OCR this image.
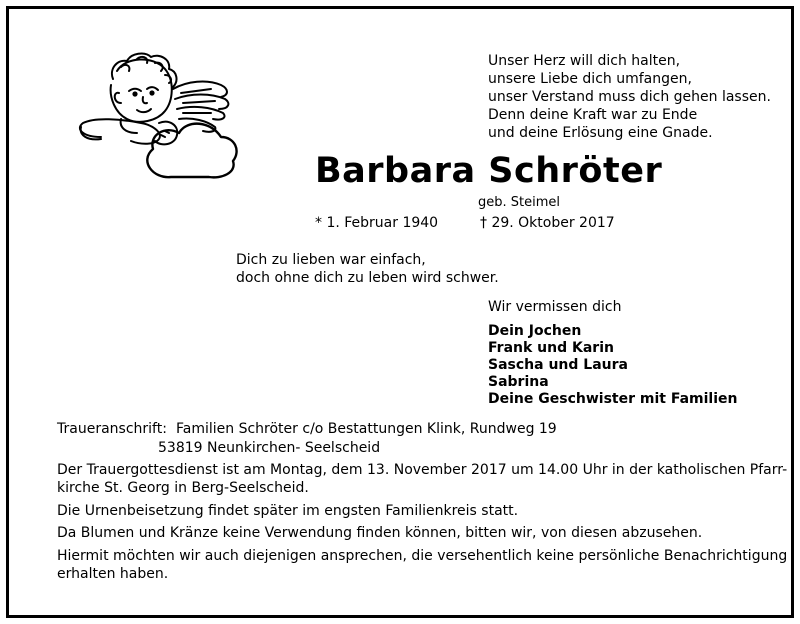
Unser Herz will dich halten,
unsere Liebe dich umfangen,
unser Verstand muss dich gehen lassen.
Denn deine Kraft war zu Ende
und deine Erlösung eine Gnade.
Barbara Schröter
geb. Steimel
* 1. Februar 1940	† 29. Oktober 2017
Dich zu lieben war einfach,
doch ohne dich zu leben wird schwer.
Wir vermissen dich
Dein Jochen
Frank und Karin
Sascha und Laura
Sabrina
Deine Geschwister mit Familien
Traueranschrift: Familien Schröter c/o Bestattungen Klink, Rundweg 19
53819 Neunkirchen- Seelscheid
Der Trauergottesdienst ist am Montag, dem 13. November 2017 um 14.00 Uhr in der katholischen Pfarr-
kirche St. Georg in Berg-Seelscheid.
Die Urnenbeisetzung findet später im engsten Familienkreis statt.
Da Blumen und Kränze keine Verwendung finden können, bitten wir, von diesen abzusehen.
Hiermit möchten wir auch diejenigen ansprechen, die versehentlich keine persönliche Benachrichtigung
erhalten haben.
